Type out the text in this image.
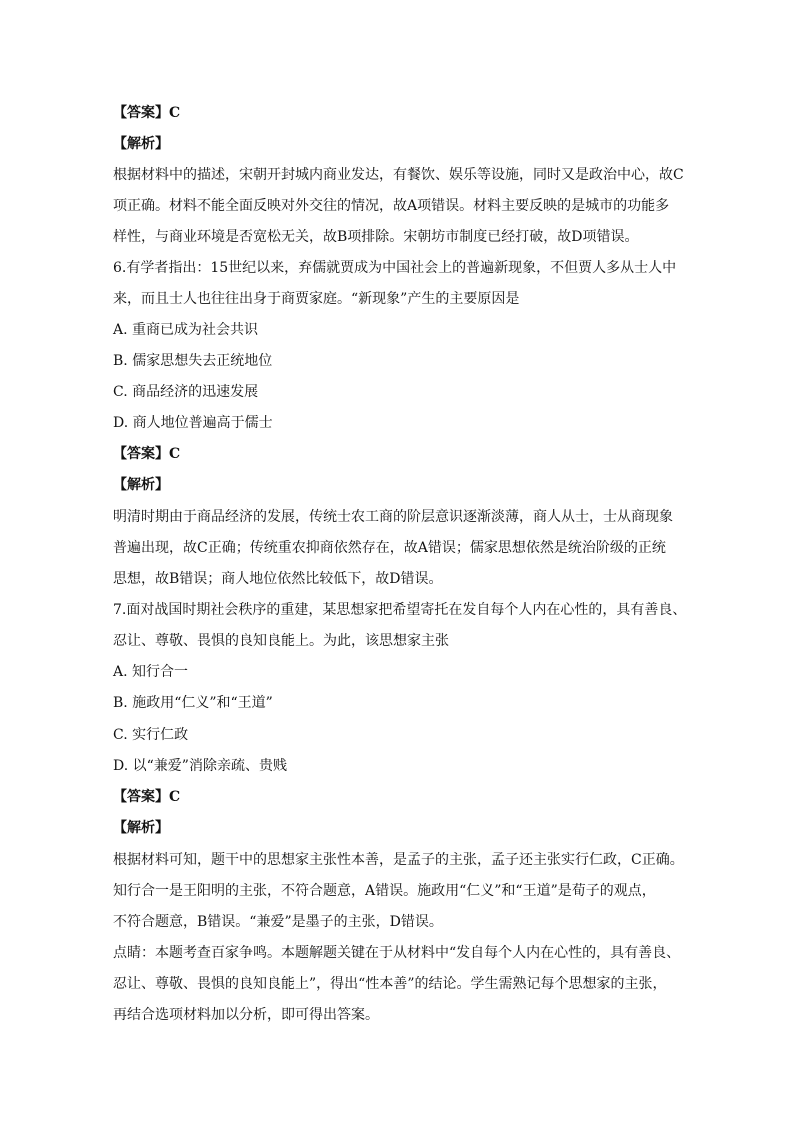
【答案】C
【解析】
根据材料中的描述，宋朝开封城内商业发达，有餐饮、娱乐等设施，同时又是政治中心，故C
项正确。材料不能全面反映对外交往的情况，故A项错误。材料主要反映的是城市的功能多
样性，与商业环境是否宽松无关，故B项排除。宋朝坊市制度已经打破，故D项错误。
6.有学者指出：15世纪以来，弃儒就贾成为中国社会上的普遍新现象，不但贾人多从士人中
来，而且士人也往往出身于商贾家庭。“新现象”产生的主要原因是
A. 重商已成为社会共识
B. 儒家思想失去正统地位
C. 商品经济的迅速发展
D. 商人地位普遍高于儒士
【答案】C
【解析】
明清时期由于商品经济的发展，传统士农工商的阶层意识逐渐淡薄，商人从士，士从商现象
普遍出现，故C正确；传统重农抑商依然存在，故A错误；儒家思想依然是统治阶级的正统
思想，故B错误；商人地位依然比较低下，故D错误。
7.面对战国时期社会秩序的重建，某思想家把希望寄托在发自每个人内在心性的，具有善良、
忍让、尊敬、畏惧的良知良能上。为此，该思想家主张
A. 知行合一
B. 施政用“仁义”和“王道”
C. 实行仁政
D. 以“兼爱”消除亲疏、贵贱
【答案】C
【解析】
根据材料可知，题干中的思想家主张性本善，是孟子的主张，孟子还主张实行仁政，C正确。
知行合一是王阳明的主张，不符合题意，A错误。施政用“仁义”和“王道”是荀子的观点，
不符合题意，B错误。“兼爱”是墨子的主张，D错误。
点睛：本题考查百家争鸣。本题解题关键在于从材料中“发自每个人内在心性的，具有善良、
忍让、尊敬、畏惧的良知良能上”，得出“性本善”的结论。学生需熟记每个思想家的主张，
再结合选项材料加以分析，即可得出答案。
